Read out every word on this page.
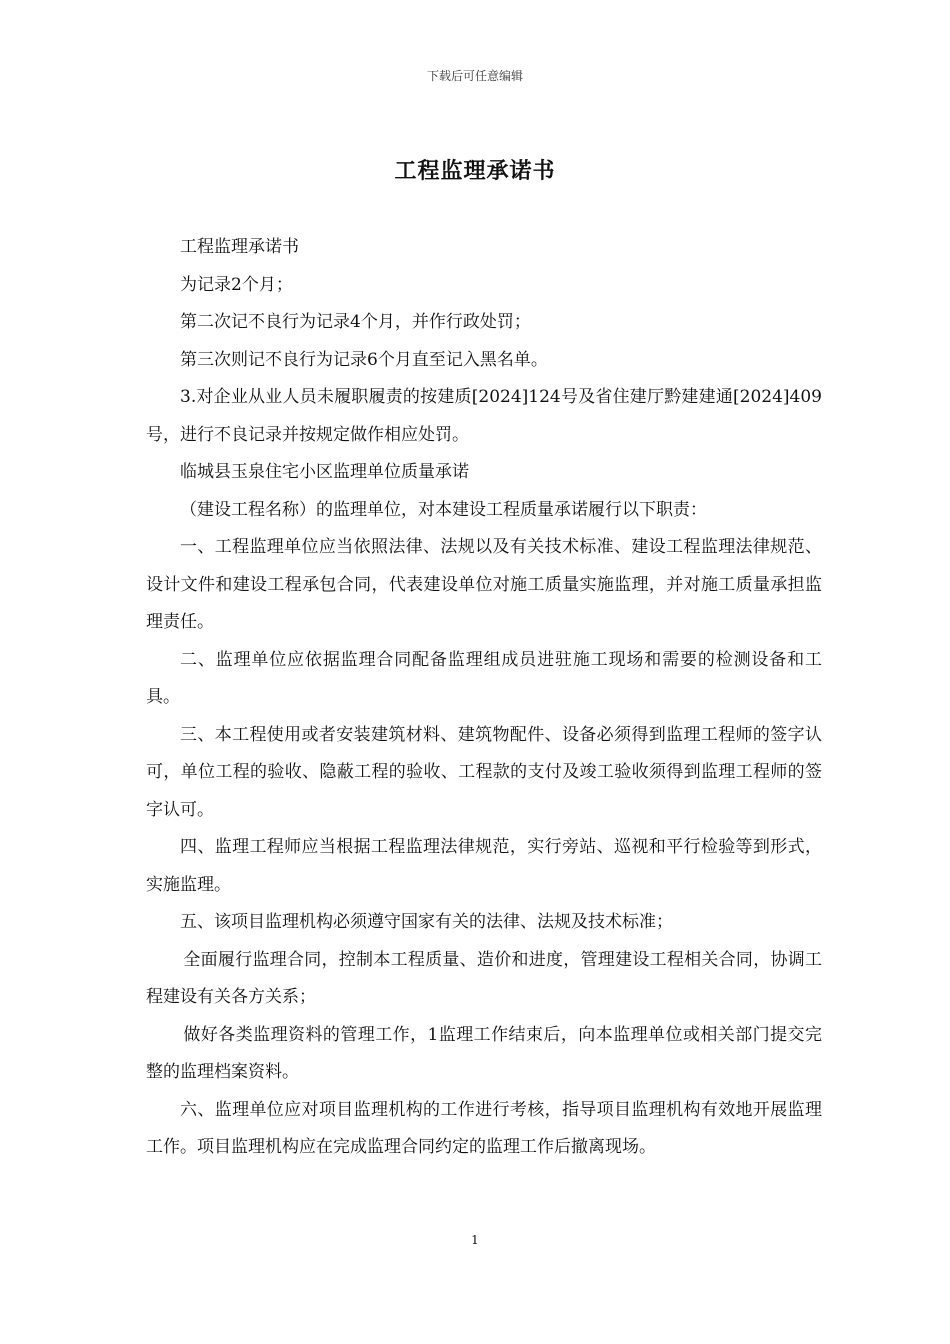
下载后可任意编辑
工程监理承诺书

工程监理承诺书

为记录2个月；

第二次记不良行为记录4个月，并作行政处罚；

第三次则记不良行为记录6个月直至记入黑名单。

3.对企业从业人员未履职履责的按建质[2024]124号及省住建厅黔建建通[2024]409号，进行不良记录并按规定做作相应处罚。

临城县玉泉住宅小区监理单位质量承诺

（建设工程名称）的监理单位，对本建设工程质量承诺履行以下职责：

一、工程监理单位应当依照法律、法规以及有关技术标准、建设工程监理法律规范、设计文件和建设工程承包合同，代表建设单位对施工质量实施监理，并对施工质量承担监理责任。

二、监理单位应依据监理合同配备监理组成员进驻施工现场和需要的检测设备和工具。

三、本工程使用或者安装建筑材料、建筑物配件、设备必须得到监理工程师的签字认可，单位工程的验收、隐蔽工程的验收、工程款的支付及竣工验收须得到监理工程师的签字认可。

四、监理工程师应当根据工程监理法律规范，实行旁站、巡视和平行检验等到形式，实施监理。

五、该项目监理机构必须遵守国家有关的法律、法规及技术标准；

全面履行监理合同，控制本工程质量、造价和进度，管理建设工程相关合同，协调工程建设有关各方关系；

做好各类监理资料的管理工作，1监理工作结束后，向本监理单位或相关部门提交完整的监理档案资料。

六、监理单位应对项目监理机构的工作进行考核，指导项目监理机构有效地开展监理工作。项目监理机构应在完成监理合同约定的监理工作后撤离现场。

1
